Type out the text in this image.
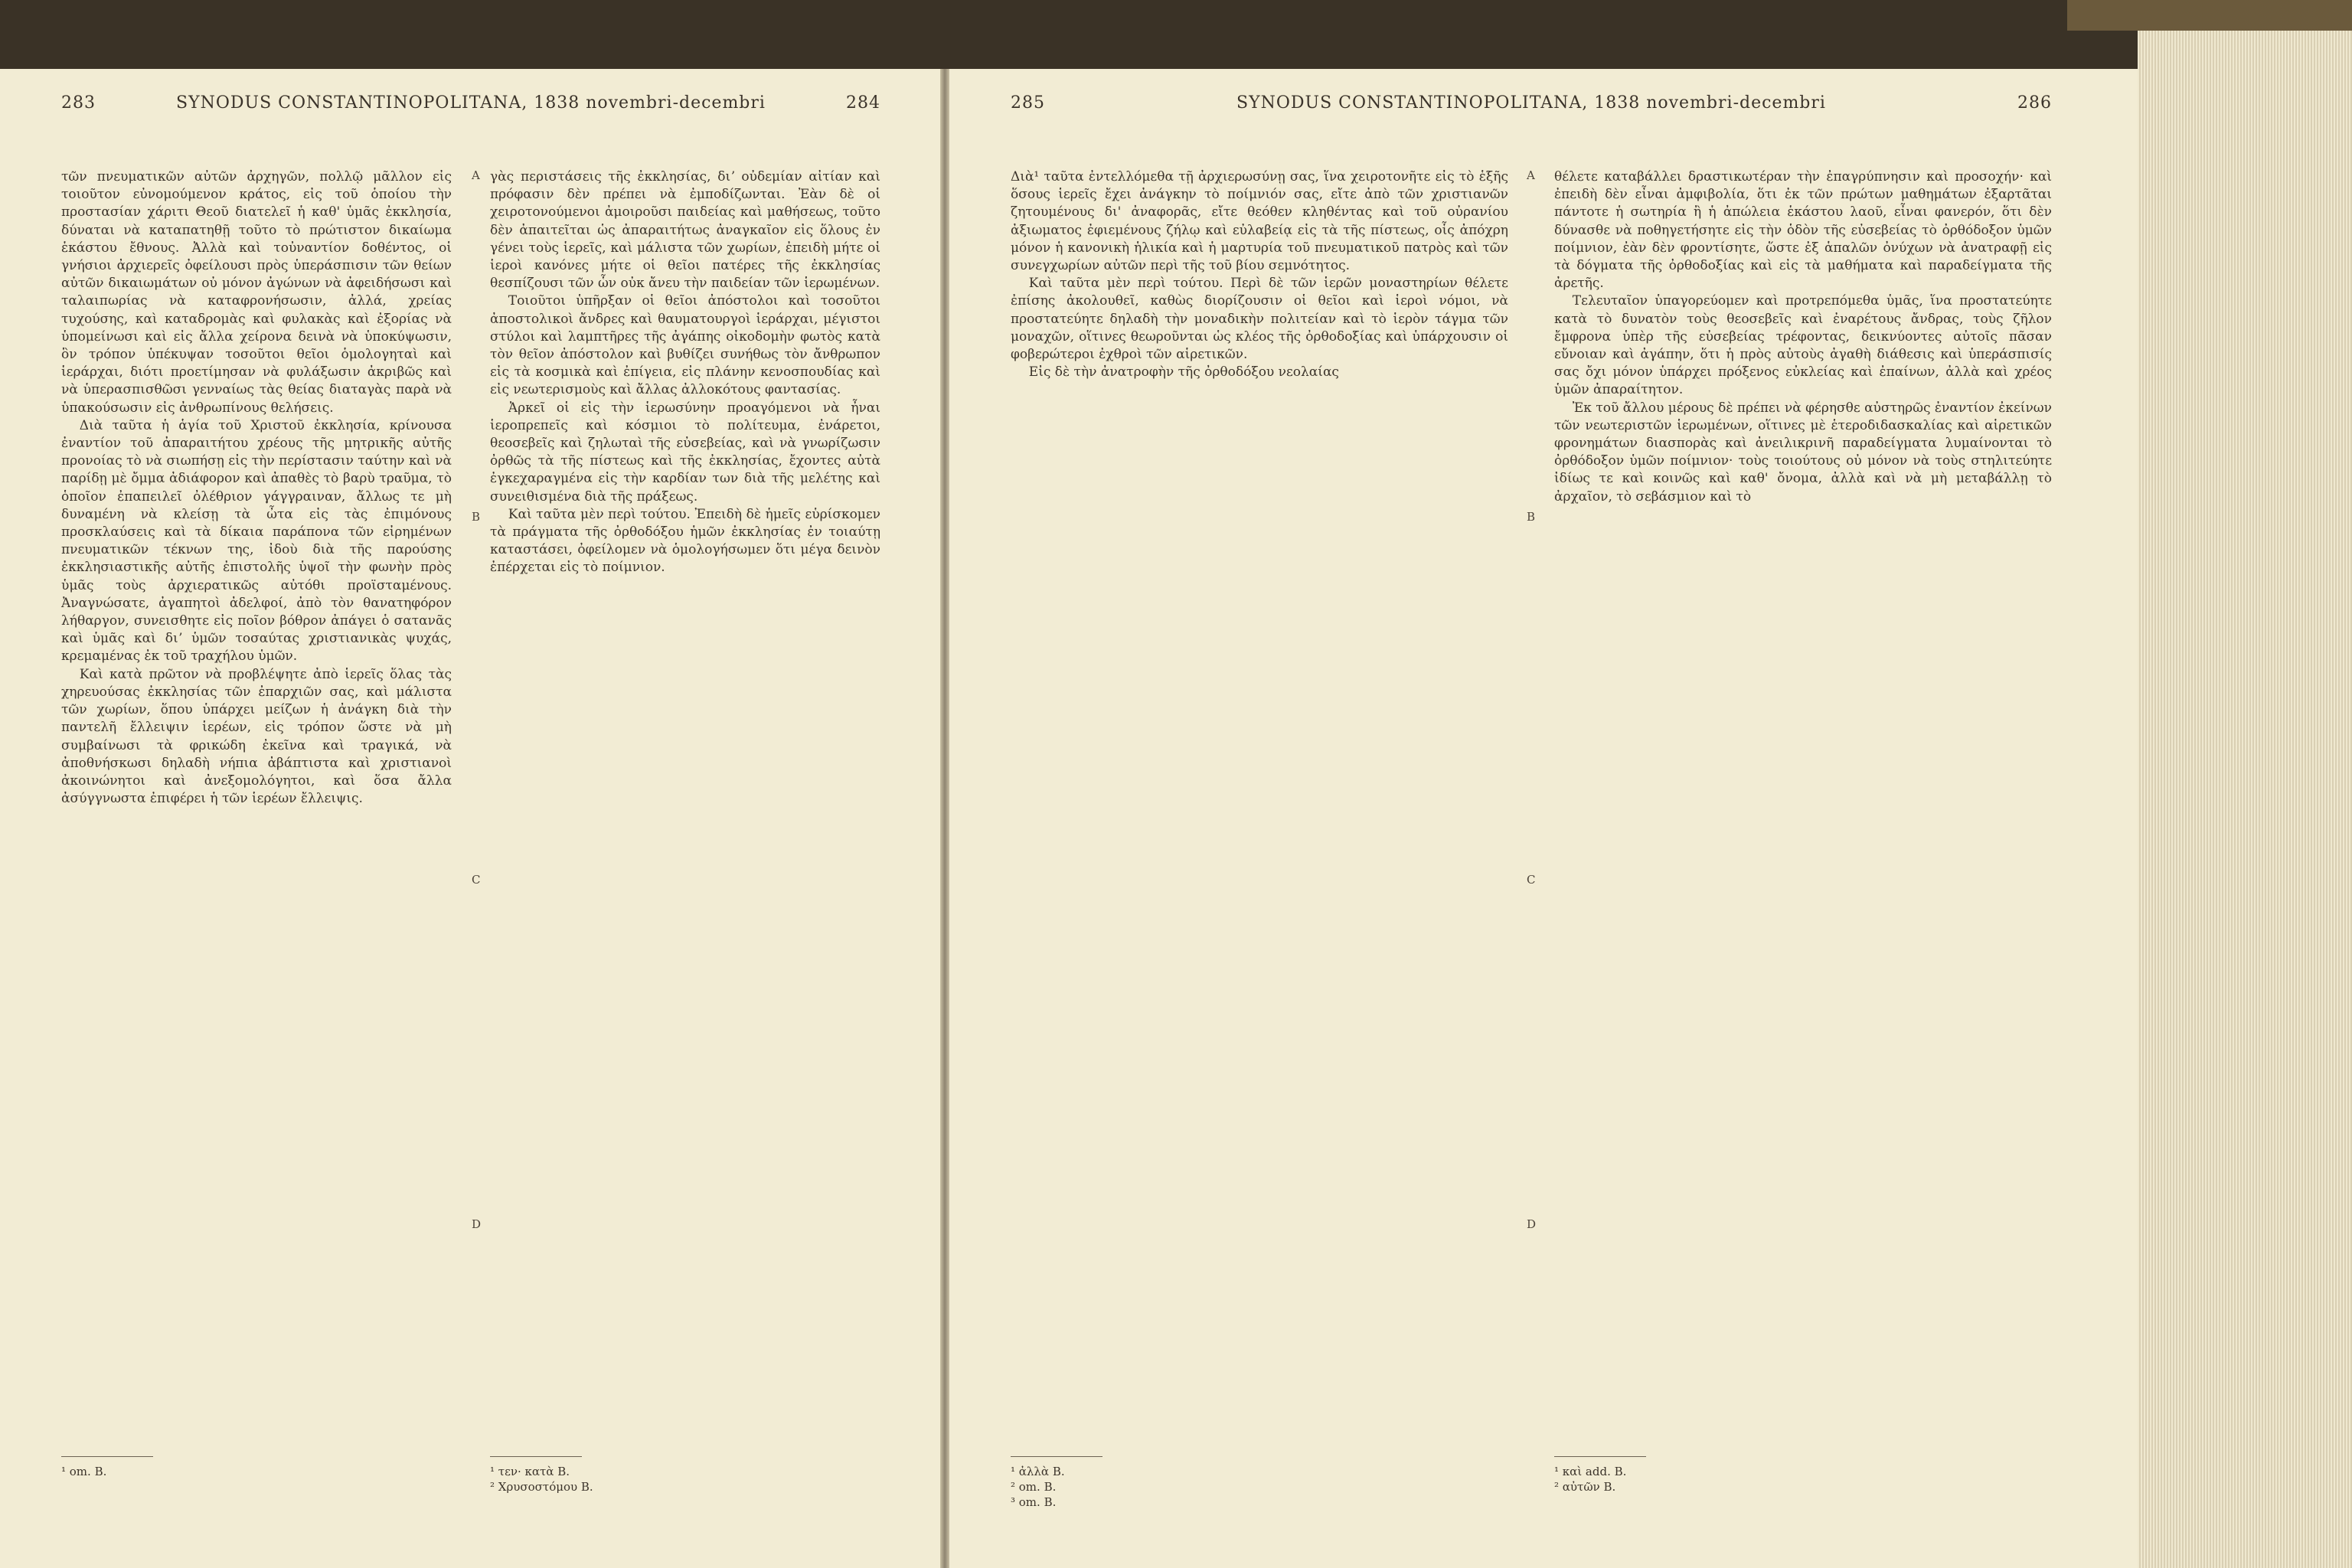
283	SYNODUS CONSTANTINOPOLITANA, 1838 novembri-decembri	284

τῶν πνευματικῶν αὐτῶν ἀρχηγῶν, πολλῷ μᾶλλον εἰς τοιοῦτον εὐνομούμενον κράτος, εἰς τοῦ ὁποίου τὴν προστασίαν χάριτι Θεοῦ διατελεῖ ἡ καθ' ὑμᾶς ἐκκλησία, δύναται νὰ καταπατηθῇ τοῦτο τὸ πρώτιστον δικαίωμα ἑκάστου ἔθνους. Ἀλλὰ καὶ τοὐναντίον δοθέντος, οἱ γνήσιοι ἀρχιερεῖς ὀφείλουσι πρὸς ὑπεράσπισιν τῶν θείων αὐτῶν δικαιωμάτων οὐ μόνον ἀγώνων νὰ ἀφειδήσωσι καὶ ταλαιπωρίας νὰ καταφρονήσωσιν, ἀλλά, χρείας τυχούσης, καὶ καταδρομὰς καὶ φυλακὰς καὶ ἐξορίας νὰ ὑπομείνωσι καὶ εἰς ἄλλα χείρονα δεινὰ νὰ ὑποκύψωσιν, ὃν τρόπον ὑπέκυψαν τοσοῦτοι θεῖοι ὁμολογηταὶ καὶ ἱεράρχαι, διότι προετίμησαν νὰ φυλάξωσιν ἀκριβῶς καὶ νὰ ὑπερασπισθῶσι γενναίως τὰς θείας διαταγὰς παρὰ νὰ ὑπακούσωσιν εἰς ἀνθρωπίνους θελήσεις.

Διὰ ταῦτα ἡ ἁγία τοῦ Χριστοῦ ἐκκλησία, κρίνουσα ἐναντίον τοῦ ἀπαραιτήτου χρέους τῆς μητρικῆς αὐτῆς προνοίας τὸ νὰ σιωπήσῃ εἰς τὴν περίστασιν ταύτην καὶ νὰ παρίδῃ μὲ ὄμμα ἀδιάφορον καὶ ἀπαθὲς τὸ βαρὺ τραῦμα, τὸ ὁποῖον ἐπαπειλεῖ ὀλέθριον γάγγραιναν, ἄλλως τε μὴ δυναμένη νὰ κλείσῃ τὰ ὦτα εἰς τὰς ἐπιμόνους προσκλαύσεις καὶ τὰ δίκαια παράπονα τῶν εἰρημένων πνευματικῶν τέκνων της, ἰδοὺ διὰ τῆς παρούσης ἐκκλησιαστικῆς αὐτῆς ἐπιστολῆς ὑψοῖ τὴν φωνὴν πρὸς ὑμᾶς τοὺς ἀρχιερατικῶς αὐτόθι προϊσταμένους. Ἀναγνώσατε, ἀγαπητοὶ ἀδελφοί, ἀπὸ τὸν θανατηφόρον λήθαργον, συνεισθητε εἰς ποῖον βόθρον ἀπάγει ὁ σατανᾶς καὶ ὑμᾶς καὶ διʼ ὑμῶν τοσαύτας χριστιανικὰς ψυχάς, κρεμαμένας ἐκ τοῦ τραχήλου ὑμῶν.

Καὶ κατὰ πρῶτον νὰ προβλέψητε ἀπὸ ἱερεῖς ὅλας τὰς χηρευούσας ἐκκλησίας τῶν ἐπαρχιῶν σας, καὶ μάλιστα τῶν χωρίων, ὅπου ὑπάρχει μείζων ἡ ἀνάγκη διὰ τὴν παντελῆ ἔλλειψιν ἱερέων, εἰς τρόπον ὥστε νὰ μὴ συμβαίνωσι τὰ φρικώδη ἐκεῖνα καὶ τραγικά, νὰ ἀποθνήσκωσι δηλαδὴ νήπια ἀβάπτιστα καὶ χριστιανοὶ ἀκοινώνητοι καὶ ἀνεξομολόγητοι, καὶ ὅσα ἄλλα ἀσύγγνωστα ἐπιφέρει ἡ τῶν ἱερέων ἔλλειψις.

γὰς περιστάσεις τῆς ἐκκλησίας, διʼ οὐδεμίαν αἰτίαν καὶ πρόφασιν δὲν πρέπει νὰ ἐμποδίζωνται. Ἐὰν δὲ οἱ χειροτονούμενοι ἀμοιροῦσι παιδείας καὶ μαθήσεως, τοῦτο δὲν ἀπαιτεῖται ὡς ἀπαραιτήτως ἀναγκαῖον εἰς ὅλους ἐν γένει τοὺς ἱερεῖς, καὶ μάλιστα τῶν χωρίων, ἐπειδὴ μήτε οἱ ἱεροὶ κανόνες μήτε οἱ θεῖοι πατέρες τῆς ἐκκλησίας θεσπίζουσι τῶν ὧν οὐκ ἄνευ τὴν παιδείαν τῶν ἱερωμένων.

Τοιοῦτοι ὑπῆρξαν οἱ θεῖοι ἀπόστολοι καὶ τοσοῦτοι ἀποστολικοὶ ἄνδρες καὶ θαυματουργοὶ ἱεράρχαι, μέγιστοι στύλοι καὶ λαμπτῆρες τῆς ἀγάπης οἰκοδομὴν φωτὸς κατὰ τὸν θεῖον ἀπόστολον καὶ βυθίζει συνήθως τὸν ἄνθρωπον εἰς τὰ κοσμικὰ καὶ ἐπίγεια, εἰς πλάνην κενοσπουδίας καὶ εἰς νεωτερισμοὺς καὶ ἄλλας ἀλλοκότους φαντασίας.

Ἀρκεῖ οἱ εἰς τὴν ἱερωσύνην προαγόμενοι νὰ ἦναι ἱεροπρεπεῖς καὶ κόσμιοι τὸ πολίτευμα, ἐνάρετοι, θεοσεβεῖς καὶ ζηλωταὶ τῆς εὐσεβείας, καὶ νὰ γνωρίζωσιν ὀρθῶς τὰ τῆς πίστεως καὶ τῆς ἐκκλησίας, ἔχοντες αὐτὰ ἐγκεχαραγμένα εἰς τὴν καρδίαν των διὰ τῆς μελέτης καὶ συνειθισμένα διὰ τῆς πράξεως.

Καὶ ταῦτα μὲν περὶ τούτου. Ἐπειδὴ δὲ ἡμεῖς εὑρίσκομεν τὰ πράγματα τῆς ὀρθοδόξου ἡμῶν ἐκκλησίας ἐν τοιαύτῃ καταστάσει, ὀφείλομεν νὰ ὁμολογήσωμεν ὅτι μέγα δεινὸν ἐπέρχεται εἰς τὸ ποίμνιον.

A
B
C
D
¹ om. B.	¹ τεν· κατὰ B.
² Χρυσοστόμου B.
285	SYNODUS CONSTANTINOPOLITANA, 1838 novembri-decembri	286

Διὰ¹ ταῦτα ἐντελλόμεθα τῇ ἀρχιερωσύνῃ σας, ἵνα χειροτονῆτε εἰς τὸ ἑξῆς ὅσους ἱερεῖς ἔχει ἀνάγκην τὸ ποίμνιόν σας, εἴτε ἀπὸ τῶν χριστιανῶν ζητουμένους δι' ἀναφορᾶς, εἴτε θεόθεν κληθέντας καὶ τοῦ οὐρανίου ἀξιωματος ἐφιεμένους ζήλῳ καὶ εὐλαβείᾳ εἰς τὰ τῆς πίστεως, οἷς ἀπόχρη μόνον ἡ κανονικὴ ἡλικία καὶ ἡ μαρτυρία τοῦ πνευματικοῦ πατρὸς καὶ τῶν συνεγχωρίων αὐτῶν περὶ τῆς τοῦ βίου σεμνότητος.

Καὶ ταῦτα μὲν περὶ τούτου. Περὶ δὲ τῶν ἱερῶν μοναστηρίων θέλετε ἐπίσης ἀκολουθεῖ, καθὼς διορίζουσιν οἱ θεῖοι καὶ ἱεροὶ νόμοι, νὰ προστατεύητε δηλαδὴ τὴν μοναδικὴν πολιτείαν καὶ τὸ ἱερὸν τάγμα τῶν μοναχῶν, οἵτινες θεωροῦνται ὡς κλέος τῆς ὀρθοδοξίας καὶ ὑπάρχουσιν οἱ φοβερώτεροι ἐχθροὶ τῶν αἱρετικῶν.

Εἰς δὲ τὴν ἀνατροφὴν τῆς ὀρθοδόξου νεολαίας

θέλετε καταβάλλει δραστικωτέραν τὴν ἐπαγρύπνησιν καὶ προσοχήν· καὶ ἐπειδὴ δὲν εἶναι ἀμφιβολία, ὅτι ἐκ τῶν πρώτων μαθημάτων ἐξαρτᾶται πάντοτε ἡ σωτηρία ἢ ἡ ἀπώλεια ἑκάστου λαοῦ, εἶναι φανερόν, ὅτι δὲν δύνασθε νὰ ποθηγετήσητε εἰς τὴν ὁδὸν τῆς εὐσεβείας τὸ ὀρθόδοξον ὑμῶν ποίμνιον, ἐὰν δὲν φροντίσητε, ὥστε ἐξ ἁπαλῶν ὀνύχων νὰ ἀνατραφῇ εἰς τὰ δόγματα τῆς ὀρθοδοξίας καὶ εἰς τὰ μαθήματα καὶ παραδείγματα τῆς ἀρετῆς.

Τελευταῖον ὑπαγορεύομεν καὶ προτρεπόμεθα ὑμᾶς, ἵνα προστατεύητε κατὰ τὸ δυνατὸν τοὺς θεοσεβεῖς καὶ ἐναρέτους ἄνδρας, τοὺς ζῆλον ἔμφρονα ὑπὲρ τῆς εὐσεβείας τρέφοντας, δεικνύοντες αὐτοῖς πᾶσαν εὔνοιαν καὶ ἀγάπην, ὅτι ἡ πρὸς αὐτοὺς ἀγαθὴ διάθεσις καὶ ὑπεράσπισίς σας ὄχι μόνον ὑπάρχει πρόξενος εὐκλείας καὶ ἐπαίνων, ἀλλὰ καὶ χρέος ὑμῶν ἀπαραίτητον.

Ἐκ τοῦ ἄλλου μέρους δὲ πρέπει νὰ φέρησθε αὐστηρῶς ἐναντίον ἐκείνων τῶν νεωτεριστῶν ἱερωμένων, οἵτινες μὲ ἑτεροδιδασκαλίας καὶ αἱρετικῶν φρονημάτων διασπορὰς καὶ ἀνειλικρινῆ παραδείγματα λυμαίνονται τὸ ὀρθόδοξον ὑμῶν ποίμνιον· τοὺς τοιούτους οὐ μόνον νὰ τοὺς στηλιτεύητε ἰδίως τε καὶ κοινῶς καὶ καθ' ὄνομα, ἀλλὰ καὶ νὰ μὴ μεταβάλλῃ τὸ ἀρχαῖον, τὸ σεβάσμιον καὶ τὸ

A
B
C
D
¹ ἀλλὰ B.
² om. B.
³ om. B.
¹ καὶ add. B.
² αὐτῶν B.
